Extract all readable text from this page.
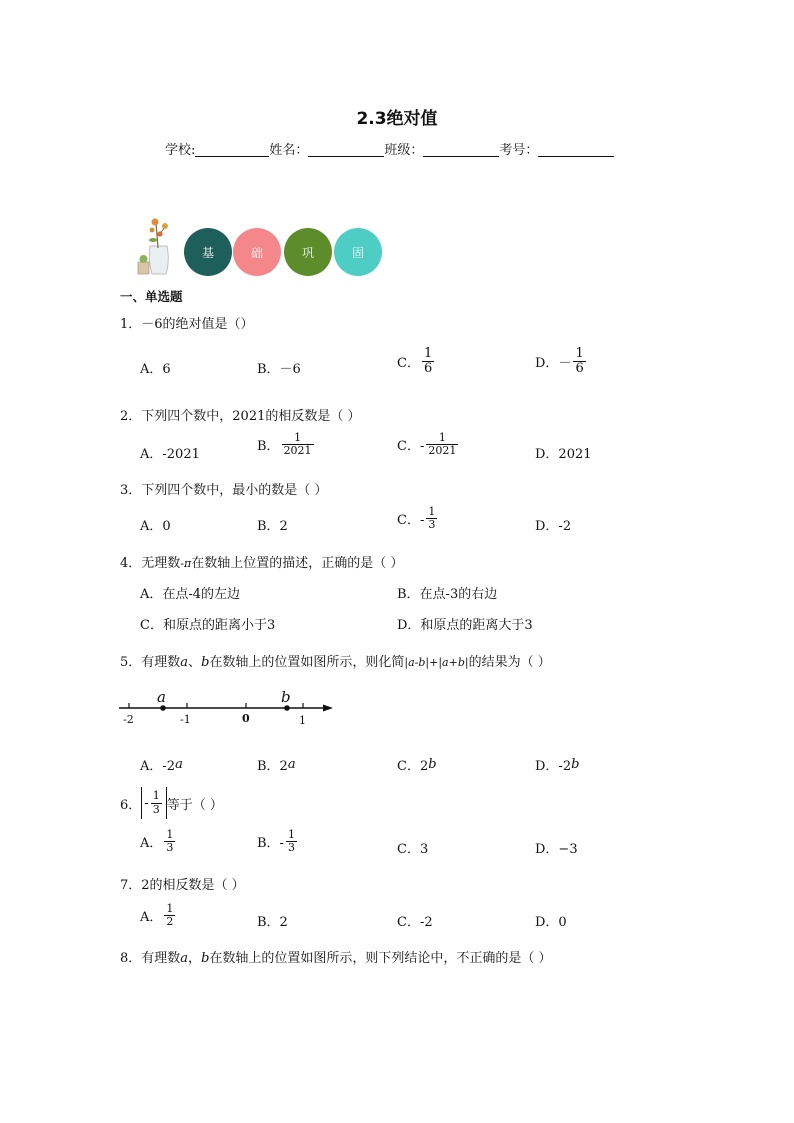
2.3绝对值
学校:	姓名：	班级：	考号：
基	础	巩	固
一、单选题
1．－6的绝对值是（）
A．6	B．－6	C． $\frac{1}{6}$	D．－ $\frac{1}{6}$
2．下列四个数中，2021的相反数是（ ）
A．-2021
B． $\frac{1}{2021}$	C．- $\frac{1}{2021}$	D．2021
3．下列四个数中，最小的数是（ ）
A．0	B．2	C．- $\frac{1}{3}$	D．-2
4．无理数-π在数轴上位置的描述，正确的是（ ）
A．在点-4的左边	B．在点-3的右边
C．和原点的距离小于3	D．和原点的距离大于3
5．有理数a、b在数轴上的位置如图所示，则化简|a-b|+|a+b|的结果为（ ）
a	b
-2	-1	0	1
A．-2 a	B．2 a	C．2 b	D．-2 b
6． - $\frac{1}{3}$ 等于（ ）
A． $\frac{1}{3}$	B．- $\frac{1}{3}$	C．3	D．−3
7．2的相反数是（ ）
A． $\frac{1}{2}$	B．2	C．-2	D．0
8．有理数a，b在数轴上的位置如图所示，则下列结论中，不正确的是（ ）
